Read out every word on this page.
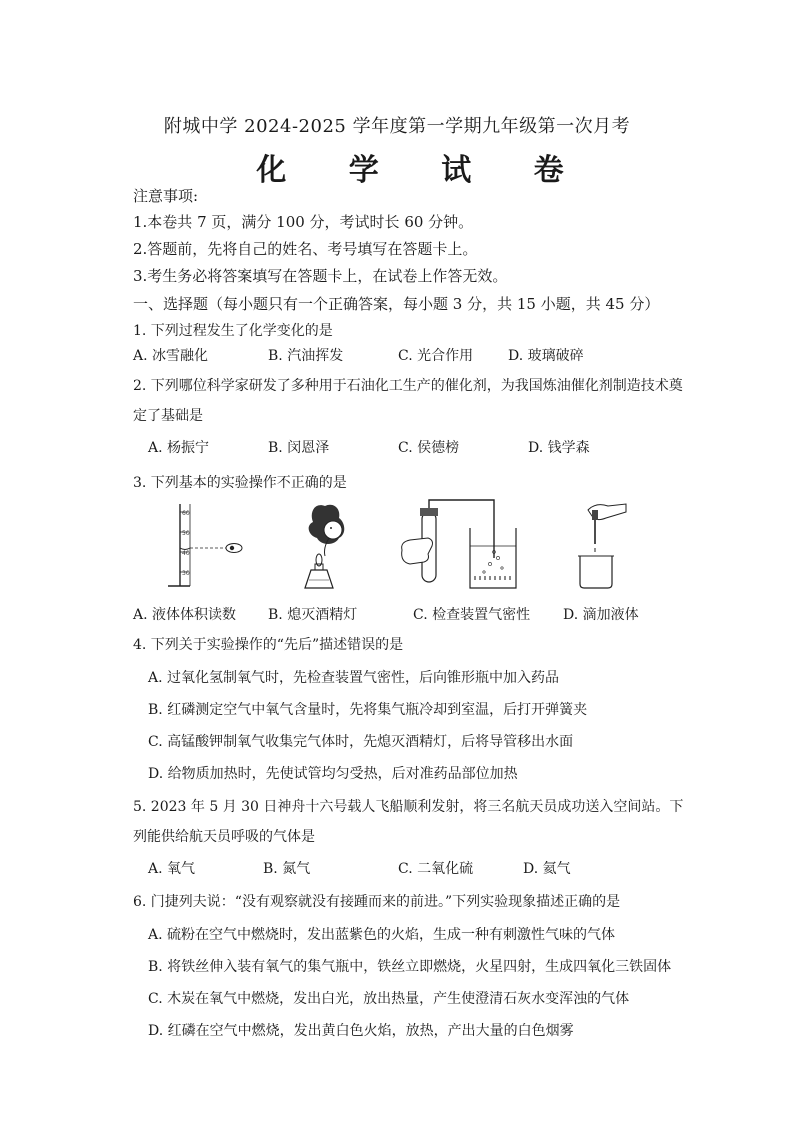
附城中学 2024-2025 学年度第一学期九年级第一次月考
化 学 试 卷
注意事项:
1.本卷共 7 页，满分 100 分，考试时长 60 分钟。
2.答题前，先将自己的姓名、考号填写在答题卡上。
3.考生务必将答案填写在答题卡上，在试卷上作答无效。
一、选择题（每小题只有一个正确答案，每小题 3 分，共 15 小题，共 45 分）
1. 下列过程发生了化学变化的是
A. 冰雪融化	B. 汽油挥发	C. 光合作用 D. 玻璃破碎
2. 下列哪位科学家研发了多种用于石油化工生产的催化剂，为我国炼油催化剂制造技术奠
定了基础是
A. 杨振宁	B. 闵恩泽	C. 侯德榜	D. 钱学森
3. 下列基本的实验操作不正确的是
60
50
40
30
A. 液体体积读数 B. 熄灭酒精灯	C. 检查装置气密性 D. 滴加液体
4. 下列关于实验操作的“先后”描述错误的是
A. 过氧化氢制氧气时，先检查装置气密性，后向锥形瓶中加入药品
B. 红磷测定空气中氧气含量时，先将集气瓶冷却到室温，后打开弹簧夹
C. 高锰酸钾制氧气收集完气体时，先熄灭酒精灯，后将导管移出水面
D. 给物质加热时，先使试管均匀受热，后对准药品部位加热
5. 2023 年 5 月 30 日神舟十六号载人飞船顺利发射，将三名航天员成功送入空间站。下
列能供给航天员呼吸的气体是
A. 氧气	B. 氮气	C. 二氧化硫	D. 氦气
6. 门捷列夫说：“没有观察就没有接踵而来的前进。”下列实验现象描述正确的是
A. 硫粉在空气中燃烧时，发出蓝紫色的火焰，生成一种有刺激性气味的气体
B. 将铁丝伸入装有氧气的集气瓶中，铁丝立即燃烧，火星四射，生成四氧化三铁固体
C. 木炭在氧气中燃烧，发出白光，放出热量，产生使澄清石灰水变浑浊的气体
D. 红磷在空气中燃烧，发出黄白色火焰，放热，产出大量的白色烟雾
